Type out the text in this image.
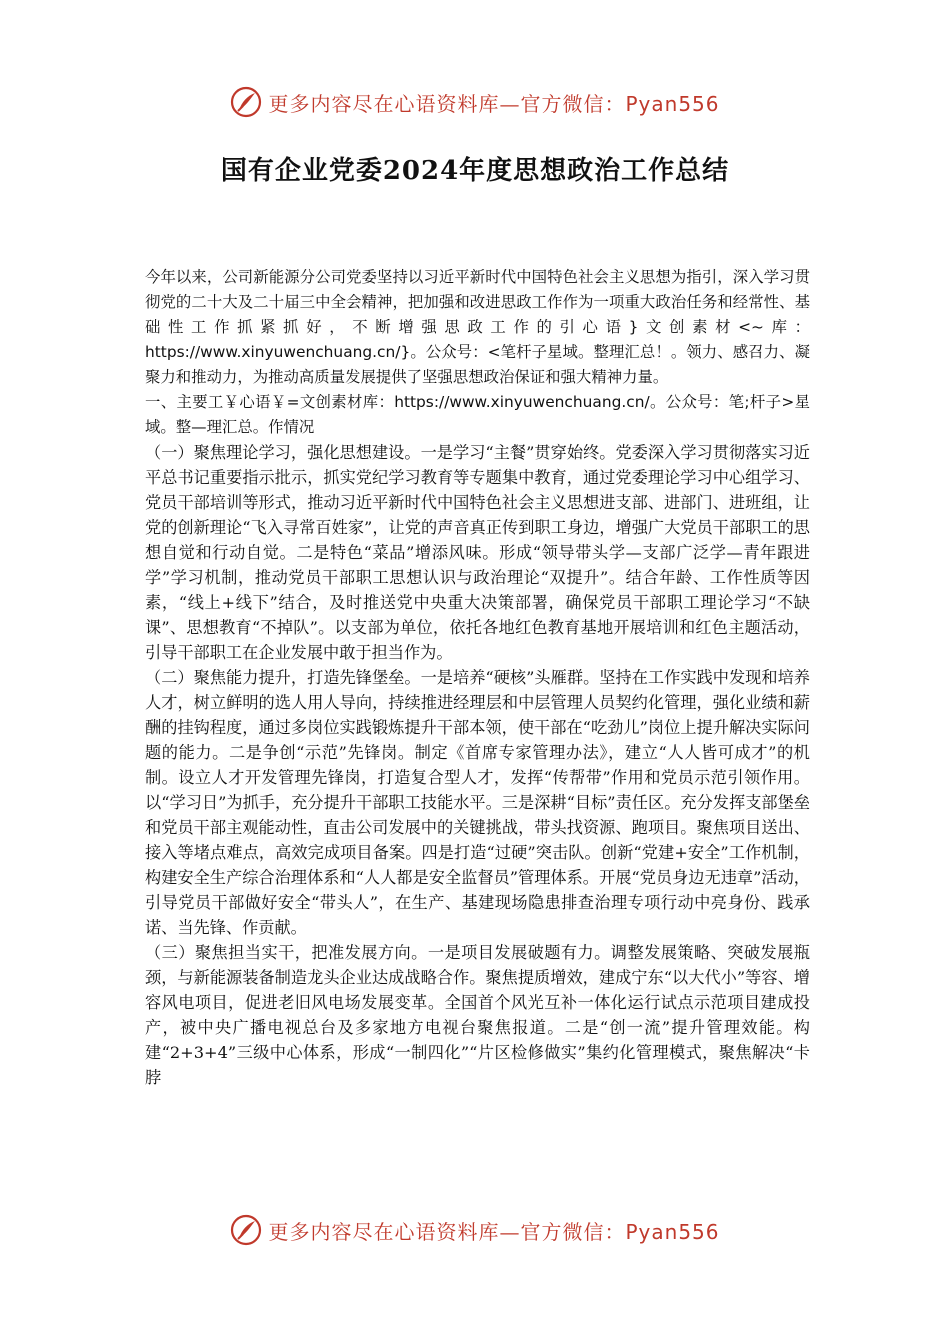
更多内容尽在心语资料库—官方微信：Pyan556
国有企业党委2024年度思想政治工作总结

今年以来，公司新能源分公司党委坚持以习近平新时代中国特色社会主义思想为指引，深入学习贯彻党的二十大及二十届三中全会精神，把加强和改进思政工作作为一项重大政治任务和经常性、基础性工作抓紧抓好，不断增强思政工作的引心语}文创素材<~库：https://www.xinyuwenchuang.cn/}。公众号：<笔杆子星域。整理汇总！。领力、感召力、凝聚力和推动力，为推动高质量发展提供了坚强思想政治保证和强大精神力量。

一、主要工￥心语￥=文创素材库：https://www.xinyuwenchuang.cn/。公众号：笔;杆子>星域。整—理汇总。作情况

（一）聚焦理论学习，强化思想建设。一是学习“主餐”贯穿始终。党委深入学习贯彻落实习近平总书记重要指示批示，抓实党纪学习教育等专题集中教育，通过党委理论学习中心组学习、党员干部培训等形式，推动习近平新时代中国特色社会主义思想进支部、进部门、进班组，让党的创新理论“飞入寻常百姓家”，让党的声音真正传到职工身边，增强广大党员干部职工的思想自觉和行动自觉。二是特色“菜品”增添风味。形成“领导带头学—支部广泛学—青年跟进学”学习机制，推动党员干部职工思想认识与政治理论“双提升”。结合年龄、工作性质等因素，“线上+线下”结合，及时推送党中央重大决策部署，确保党员干部职工理论学习“不缺课”、思想教育“不掉队”。以支部为单位，依托各地红色教育基地开展培训和红色主题活动，引导干部职工在企业发展中敢于担当作为。

（二）聚焦能力提升，打造先锋堡垒。一是培养“硬核”头雁群。坚持在工作实践中发现和培养人才，树立鲜明的选人用人导向，持续推进经理层和中层管理人员契约化管理，强化业绩和薪酬的挂钩程度，通过多岗位实践锻炼提升干部本领，使干部在“吃劲儿”岗位上提升解决实际问题的能力。二是争创“示范”先锋岗。制定《首席专家管理办法》，建立“人人皆可成才”的机制。设立人才开发管理先锋岗，打造复合型人才，发挥“传帮带”作用和党员示范引领作用。以“学习日”为抓手，充分提升干部职工技能水平。三是深耕“目标”责任区。充分发挥支部堡垒和党员干部主观能动性，直击公司发展中的关键挑战，带头找资源、跑项目。聚焦项目送出、接入等堵点难点，高效完成项目备案。四是打造“过硬”突击队。创新“党建+安全”工作机制，构建安全生产综合治理体系和“人人都是安全监督员”管理体系。开展“党员身边无违章”活动，引导党员干部做好安全“带头人”，在生产、基建现场隐患排查治理专项行动中亮身份、践承诺、当先锋、作贡献。

（三）聚焦担当实干，把准发展方向。一是项目发展破题有力。调整发展策略、突破发展瓶颈，与新能源装备制造龙头企业达成战略合作。聚焦提质增效，建成宁东“以大代小”等容、增容风电项目，促进老旧风电场发展变革。全国首个风光互补一体化运行试点示范项目建成投产，被中央广播电视总台及多家地方电视台聚焦报道。二是“创一流”提升管理效能。构建“2+3+4”三级中心体系，形成“一制四化”“片区检修做实”集约化管理模式，聚焦解决“卡脖

更多内容尽在心语资料库—官方微信：Pyan556
